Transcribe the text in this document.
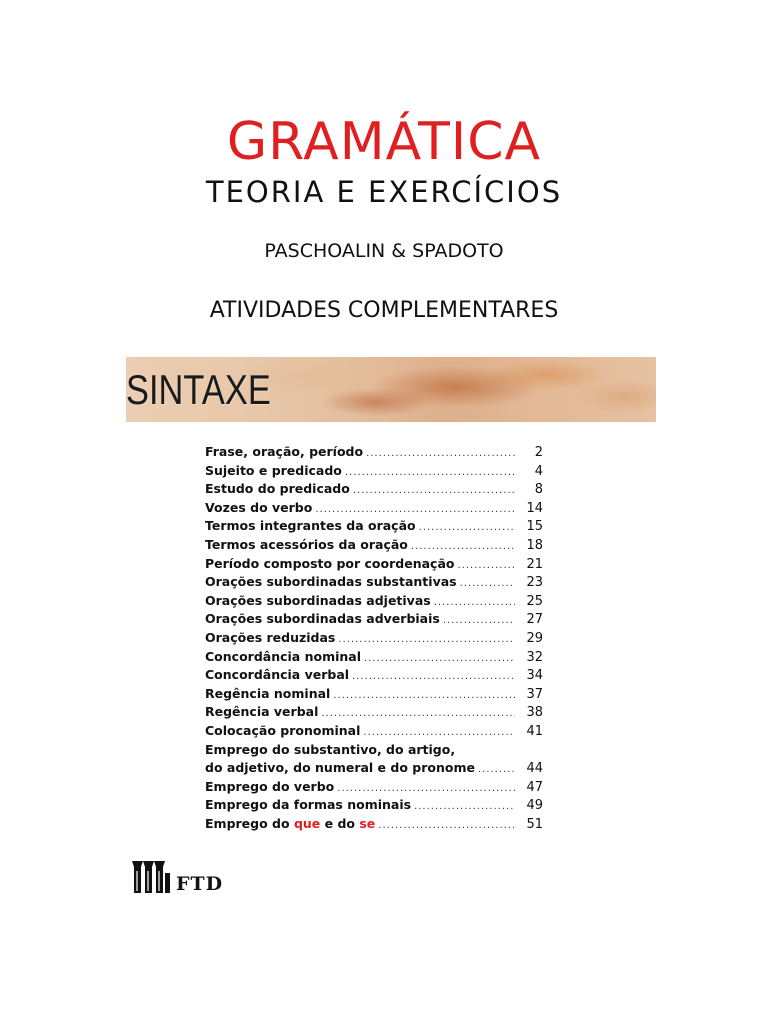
GRAMÁTICA
TEORIA E EXERCÍCIOS
PASCHOALIN & SPADOTO
ATIVIDADES COMPLEMENTARES
SINTAXE
Frase, oração, período .....	2
Sujeito e predicado .....	4
Estudo do predicado .....	8
Vozes do verbo .....	14
Termos integrantes da oração .....	15
Termos acessórios da oração .....	18
Período composto por coordenação .....	21
Orações subordinadas substantivas .....	23
Orações subordinadas adjetivas .....	25
Orações subordinadas adverbiais .....	27
Orações reduzidas .....	29
Concordância nominal .....	32
Concordância verbal .....	34
Regência nominal .....	37
Regência verbal .....	38
Colocação pronominal .....	41
Emprego do substantivo, do artigo,
do adjetivo, do numeral e do pronome .....	44
Emprego do verbo .....	47
Emprego da formas nominais .....	49
Emprego do que e do se .....	51
FTD
